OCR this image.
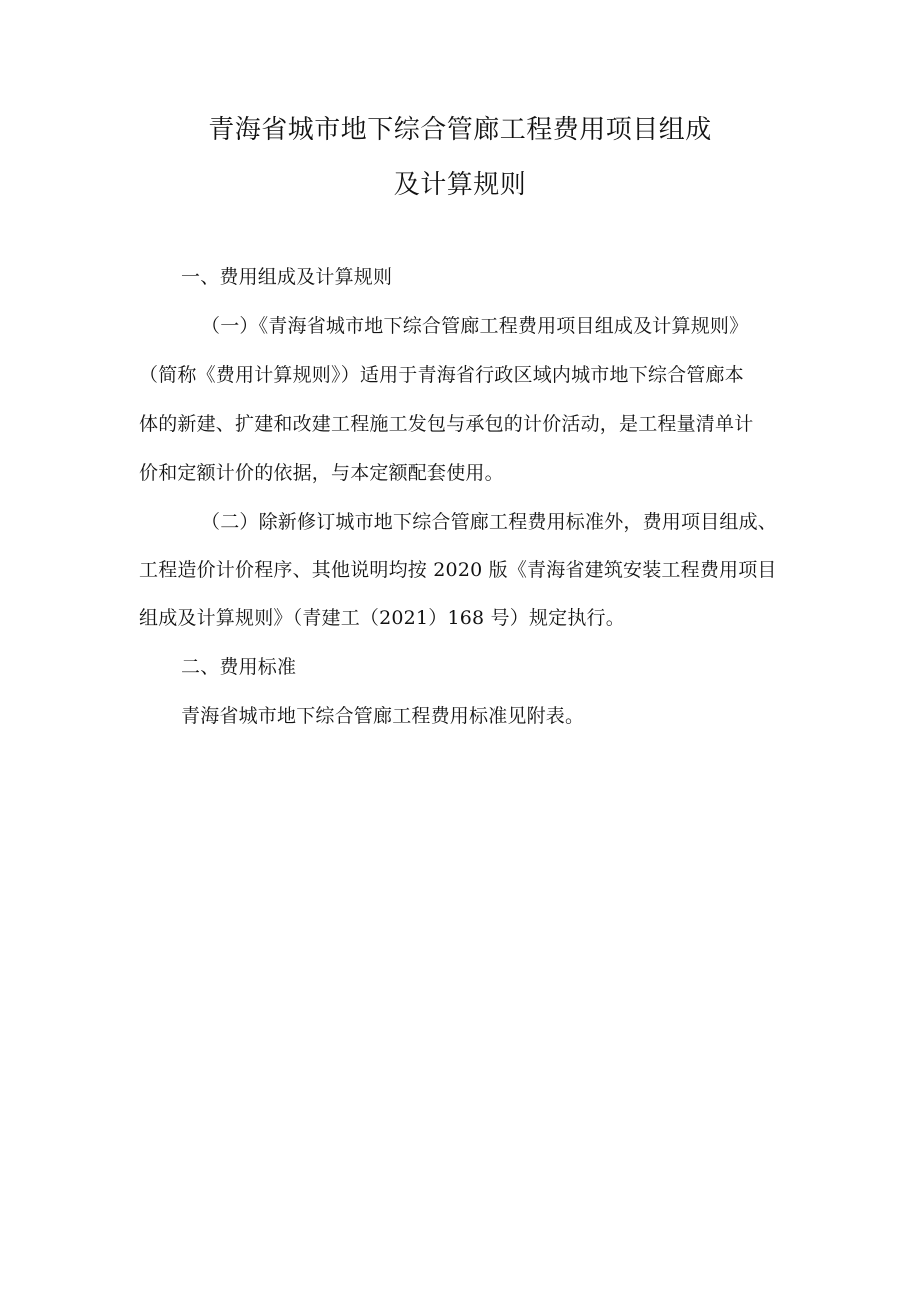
青海省城市地下综合管廊工程费用项目组成
及计算规则
一、费用组成及计算规则
（一）《青海省城市地下综合管廊工程费用项目组成及计算规则》
（简称《费用计算规则》）适用于青海省行政区域内城市地下综合管廊本
体的新建、扩建和改建工程施工发包与承包的计价活动，是工程量清单计
价和定额计价的依据，与本定额配套使用。
（二）除新修订城市地下综合管廊工程费用标准外，费用项目组成、
工程造价计价程序、其他说明均按 2020 版《青海省建筑安装工程费用项目
组成及计算规则》（青建工（2021）168 号）规定执行。
二、费用标准
青海省城市地下综合管廊工程费用标准见附表。
